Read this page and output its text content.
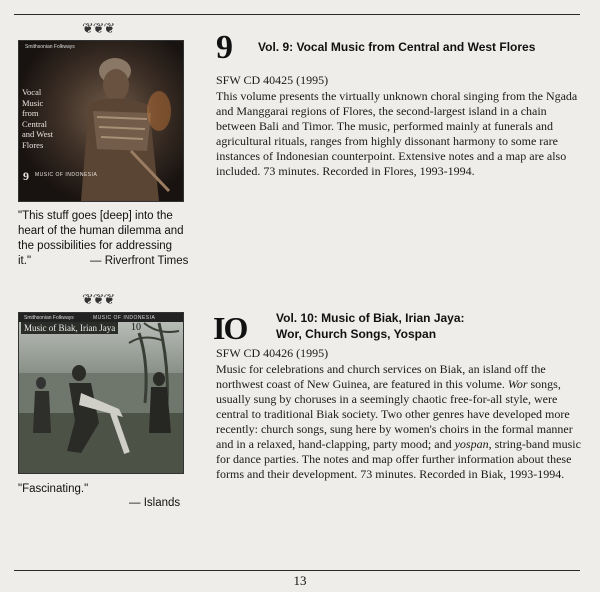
❦❦❦
Smithsonian Folkways
Vocal
Music
from
Central
and West
Flores
9 MUSIC OF INDONESIA
"This stuff goes [deep] into the heart of the human dilemma and the possibilities for addressing it."	— Riverfront Times
9 Vol. 9: Vocal Music from Central and West Flores
SFW CD 40425 (1995)

This volume presents the virtually unknown choral singing from the Ngada and Manggarai regions of Flores, the second-largest island in a chain between Bali and Timor. The music, performed mainly at funerals and agricultural rituals, ranges from highly dissonant harmony to some rare instances of Indonesian counterpoint. Extensive notes and a map are also included. 73 minutes. Recorded in Flores, 1993-1994.

❦❦❦
Smithsonian Folkways	MUSIC OF INDONESIA
Music of Biak, Irian Jaya	10
"Fascinating."
— Islands
IO Vol. 10: Music of Biak, Irian Jaya:
Wor, Church Songs, Yospan
SFW CD 40426 (1995)

Music for celebrations and church services on Biak, an island off the northwest coast of New Guinea, are featured in this volume. Wor songs, usually sung by choruses in a seemingly chaotic free-for-all style, were central to traditional Biak society. Two other genres have developed more recently: church songs, sung here by women's choirs in the formal manner and in a relaxed, hand-clapping, party mood; and yospan, string-band music for dance parties. The notes and map offer further information about these forms and their development. 73 minutes. Recorded in Biak, 1993-1994.

13
